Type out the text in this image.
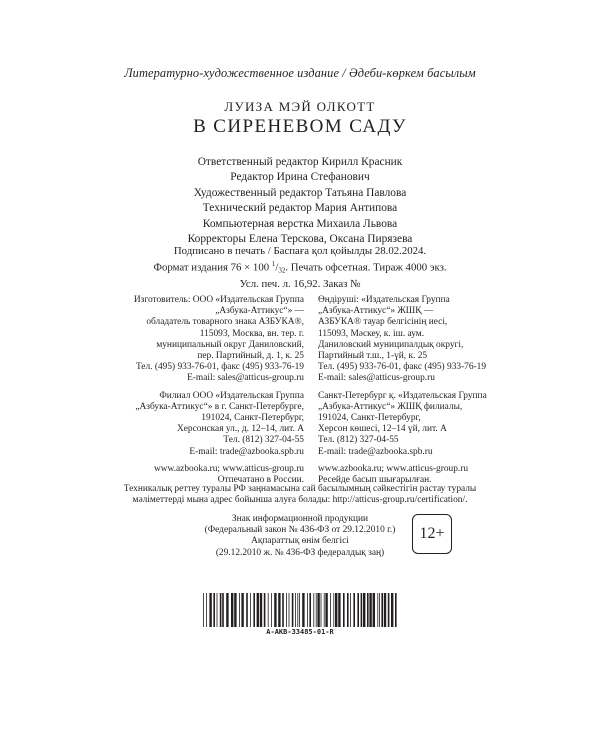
Литературно-художественное издание / Әдеби-көркем басылым
ЛУИЗА МЭЙ ОЛКОТТ
В СИРЕНЕВОМ САДУ
Ответственный редактор Кирилл Красник
Редактор Ирина Стефанович
Художественный редактор Татьяна Павлова
Технический редактор Мария Антипова
Компьютерная верстка Михаила Львова
Корректоры Елена Терскова, Оксана Пирязева
Подписано в печать / Баспаға қол қойылды 28.02.2024.
Формат издания 76 × 100 $^1/_{32}$. Печать офсетная. Тираж 4000 экз.
Усл. печ. л. 16,92. Заказ №
Изготовитель: ООО «Издательская Группа
„Азбука-Аттикус“» —
обладатель товарного знака АЗБУКА®,
115093, Москва, вн. тер. г.
муниципальный округ Даниловский,
пер. Партийный, д. 1, к. 25
Тел. (495) 933-76-01, факс (495) 933-76-19
E-mail: sales@atticus-group.ru
Филиал ООО «Издательская Группа
„Азбука-Аттикус“» в г. Санкт-Петербурге,
191024, Санкт-Петербург,
Херсонская ул., д. 12–14, лит. А
Тел. (812) 327-04-55
E-mail: trade@azbooka.spb.ru
www.azbooka.ru; www.atticus-group.ru
Отпечатано в России.
Өндіруші: «Издательская Группа
„Азбука-Аттикус“» ЖШҚ —
АЗБУКА® тауар белгісінің иесі,
115093, Мәскеу, к. іш. аум.
Даниловский муниципалдық округі,
Партийный т.ш., 1-үй, к. 25
Тел. (495) 933-76-01, факс (495) 933-76-19
E-mail: sales@atticus-group.ru
Санкт-Петербург қ. «Издательская Группа
„Азбука-Аттикус“» ЖШҚ филиалы,
191024, Санкт-Петербург,
Херсон көшесі, 12–14 үй, лит. А
Тел. (812) 327-04-55
E-mail: trade@azbooka.spb.ru
www.azbooka.ru; www.atticus-group.ru
Ресейде басып шығарылған.
Техникалық реттеу туралы РФ заңнамасына сай басылымның сәйкестігін растау туралы
мәліметтерді мына адрес бойынша алуға болады: http://atticus-group.ru/certification/.
Знак информационной продукции
(Федеральный закон № 436-ФЗ от 29.12.2010 г.)
Ақпараттық өнім белгісі
(29.12.2010 ж. № 436-ФЗ федералдық заң)
12+
A-AKB-33485-01-R
